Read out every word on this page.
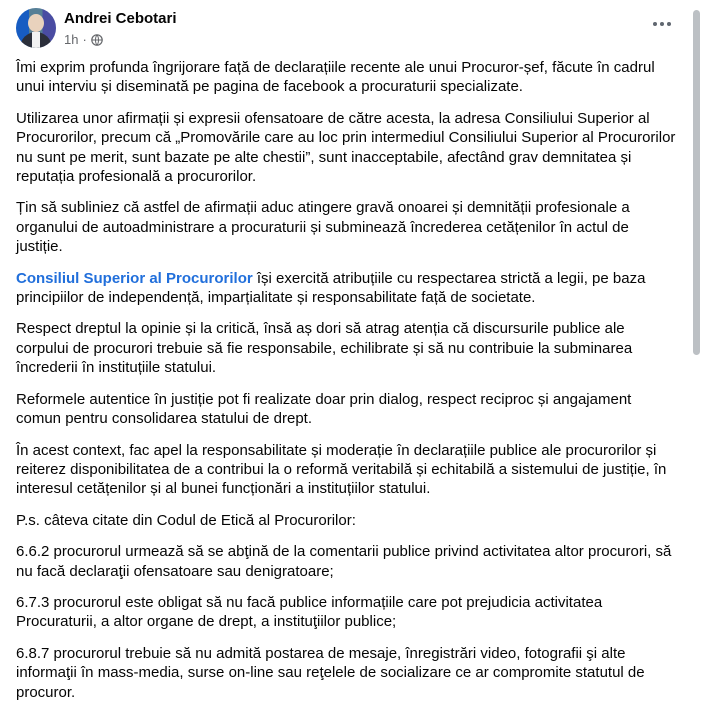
Andrei Cebotari
1h ·

Îmi exprim profunda îngrijorare față de declarațiile recente ale unui Procuror-șef, făcute în cadrul unui interviu și diseminată pe pagina de facebook a procuraturii specializate.

Utilizarea unor afirmații și expresii ofensatoare de către acesta, la adresa Consiliului Superior al Procurorilor, precum că „Promovările care au loc prin intermediul Consiliului Superior al Procurorilor nu sunt pe merit, sunt bazate pe alte chestii”, sunt inacceptabile, afectând grav demnitatea și reputația profesională a procurorilor.

Țin să subliniez că astfel de afirmații aduc atingere gravă onoarei și demnității profesionale a organului de autoadministrare a procuraturii și subminează încrederea cetățenilor în actul de justiție.

Consiliul Superior al Procurorilor își exercită atribuțiile cu respectarea strictă a legii, pe baza principiilor de independență, imparțialitate și responsabilitate față de societate.

Respect dreptul la opinie și la critică, însă aș dori să atrag atenția că discursurile publice ale corpului de procurori trebuie să fie responsabile, echilibrate și să nu contribuie la subminarea încrederii în instituțiile statului.

Reformele autentice în justiție pot fi realizate doar prin dialog, respect reciproc și angajament comun pentru consolidarea statului de drept.

În acest context, fac apel la responsabilitate și moderație în declarațiile publice ale procurorilor și reiterez disponibilitatea de a contribui la o reformă veritabilă și echitabilă a sistemului de justiție, în interesul cetățenilor și al bunei funcționări a instituțiilor statului.

P.s. câteva citate din Codul de Etică al Procurorilor:

6.6.2 procurorul urmează să se abţină de la comentarii publice privind activitatea altor procurori, să nu facă declaraţii ofensatoare sau denigratoare;

6.7.3 procurorul este obligat să nu facă publice informațiile care pot prejudicia activitatea Procuraturii, a altor organe de drept, a instituţiilor publice;

6.8.7 procurorul trebuie să nu admită postarea de mesaje, înregistrări video, fotografii şi alte informaţii în mass-media, surse on-line sau reţelele de socializare ce ar compromite statutul de procuror.
